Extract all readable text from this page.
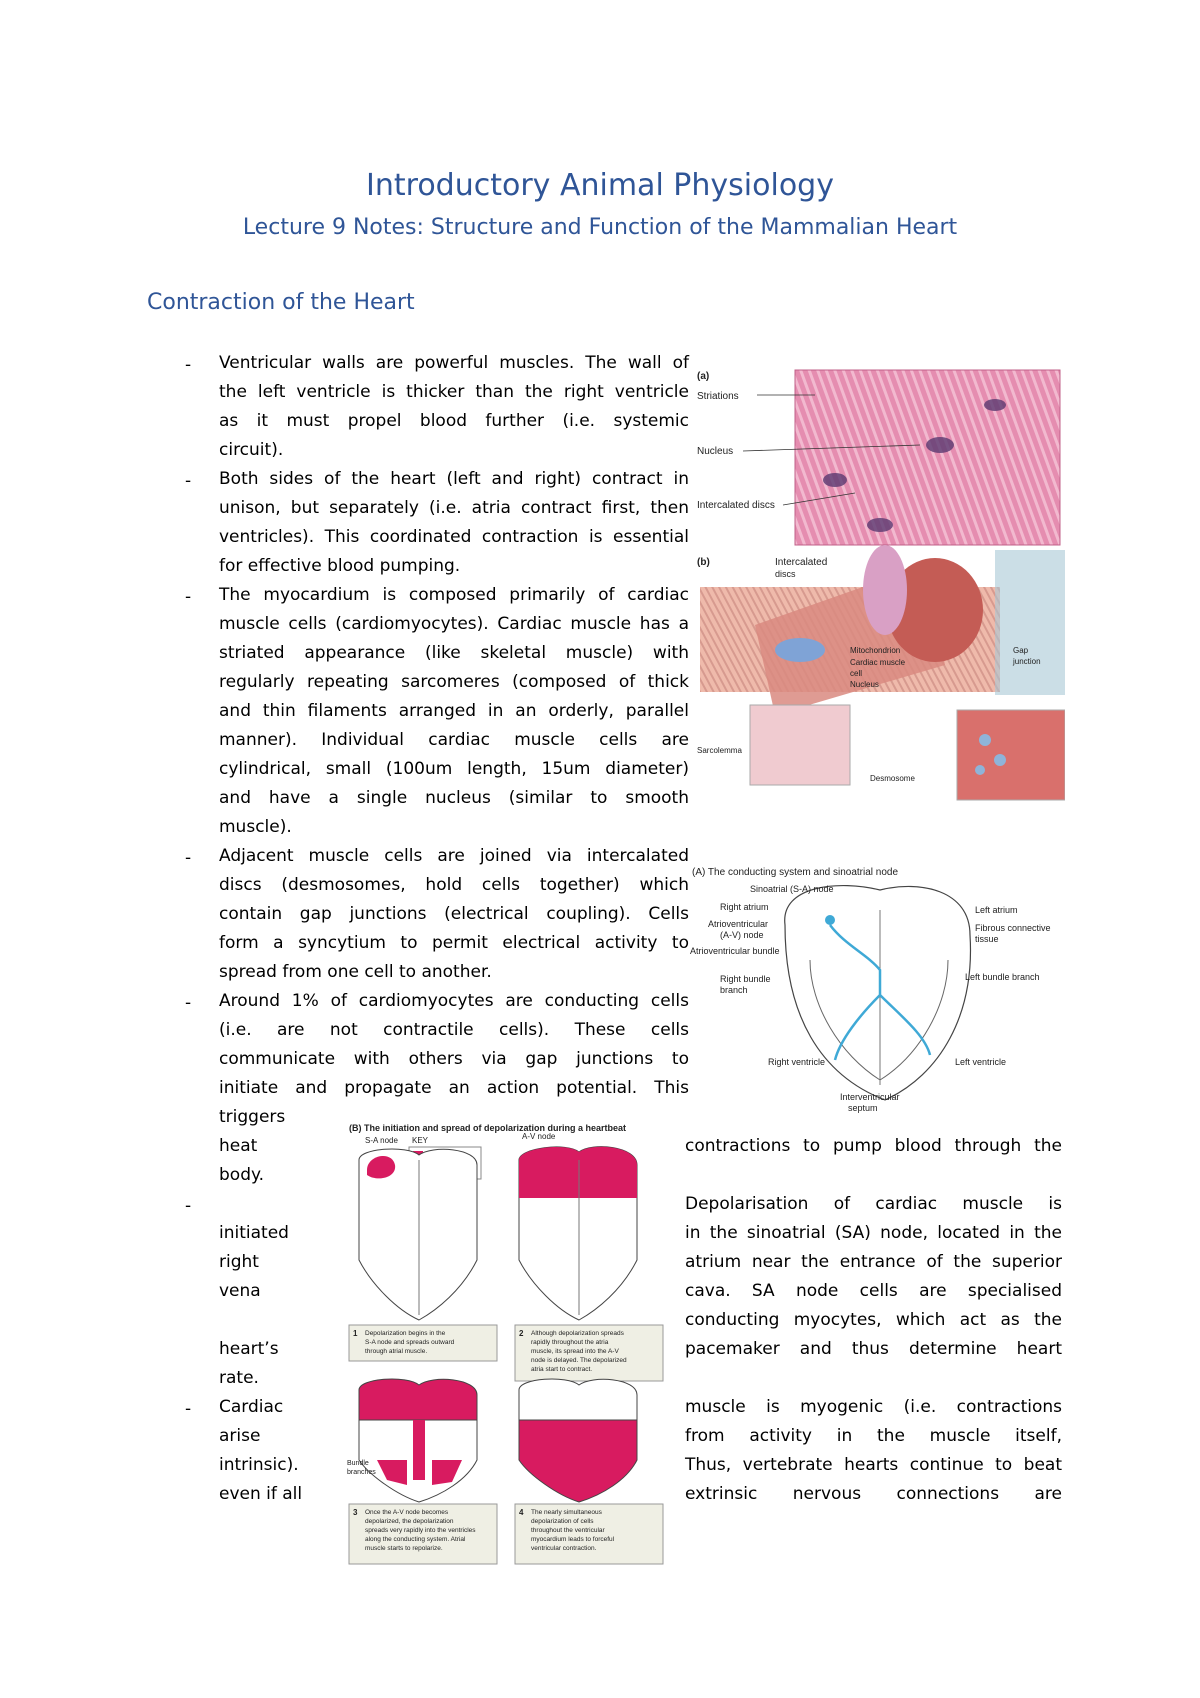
Introductory Animal Physiology
Lecture 9 Notes: Structure and Function of the Mammalian Heart
Contraction of the Heart
-
-
-
-
-
-
-
Ventricular walls are powerful muscles. The wall of
the left ventricle is thicker than the right ventricle
as it must propel blood further (i.e. systemic
circuit).
Both sides of the heart (left and right) contract in
unison, but separately (i.e. atria contract first, then
ventricles). This coordinated contraction is essential
for effective blood pumping.
The myocardium is composed primarily of cardiac
muscle cells (cardiomyocytes). Cardiac muscle has a
striated appearance (like skeletal muscle) with
regularly repeating sarcomeres (composed of thick
and thin filaments arranged in an orderly, parallel
manner). Individual cardiac muscle cells are
cylindrical, small (100um length, 15um diameter)
and have a single nucleus (similar to smooth
muscle).
Adjacent muscle cells are joined via intercalated
discs (desmosomes, hold cells together) which
contain gap junctions (electrical coupling). Cells
form a syncytium to permit electrical activity to
spread from one cell to another.
Around 1% of cardiomyocytes are conducting cells
(i.e. are not contractile cells). These cells
communicate with others via gap junctions to
initiate and propagate an action potential. This
triggers
heat
body.
contractions to pump blood through the
initiated
right
vena
heart’s
rate.
Depolarisation of cardiac muscle is
in the sinoatrial (SA) node, located in the
atrium near the entrance of the superior
cava. SA node cells are specialised
conducting myocytes, which act as the
pacemaker and thus determine heart
Cardiac
arise
intrinsic).
even if all
muscle is myogenic (i.e. contractions
from activity in the muscle itself,
Thus, vertebrate hearts continue to beat
extrinsic nervous connections are
(a)
Striations
Nucleus
Intercalated discs
(b)	Intercalated
discs
Mitochondrion
Cardiac muscle
cell
Nucleus
Gap
junction
Sarcolemma
Desmosome
(A) The conducting system and sinoatrial node
Sinoatrial (S-A) node
Right atrium
Atrioventricular
(A-V) node
Atrioventricular bundle
Right bundle
branch
Left atrium
Fibrous connective
tissue
Left bundle branch
Right ventricle	Left ventricle
Interventricular
septum
(B) The initiation and spread of depolarization during a heartbeat
S-A node KEY	A-V node
1 Depolarization begins in the
S-A node and spreads outward
through atrial muscle.
2 Although depolarization spreads
rapidly throughout the atria
muscle, its spread into the A-V
node is delayed. The depolarized
atria start to contract.
Bundle
branches
3 Once the A-V node becomes
depolarized, the depolarization
spreads very rapidly into the ventricles
along the conducting system. Atrial
muscle starts to repolarize.
4 The nearly simultaneous
depolarization of cells
throughout the ventricular
myocardium leads to forceful
ventricular contraction.
